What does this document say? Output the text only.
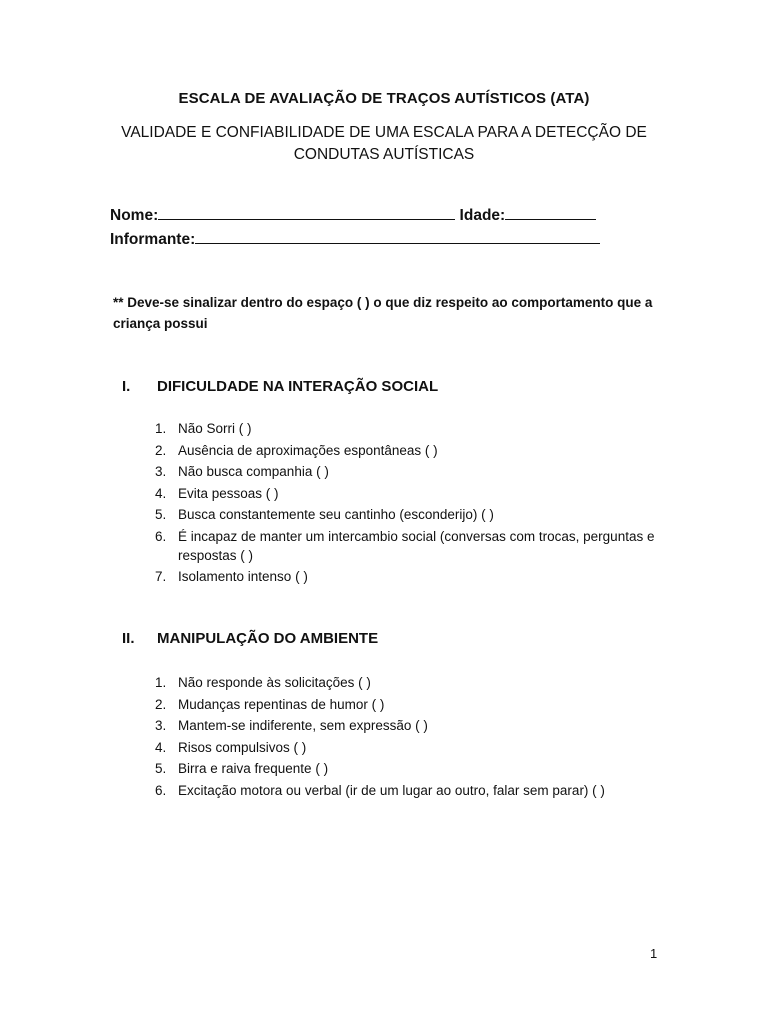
ESCALA DE AVALIAÇÃO DE TRAÇOS AUTÍSTICOS (ATA)
VALIDADE E CONFIABILIDADE DE UMA ESCALA PARA A DETECÇÃO DE CONDUTAS AUTÍSTICAS
Nome:	Idade:
Informante:
** Deve-se sinalizar dentro do espaço ( ) o que diz respeito ao comportamento que a criança possui
I. DIFICULDADE NA INTERAÇÃO SOCIAL
1. Não Sorri ( )
2. Ausência de aproximações espontâneas ( )
3. Não busca companhia ( )
4. Evita pessoas ( )
5. Busca constantemente seu cantinho (esconderijo) ( )
6. É incapaz de manter um intercambio social (conversas com trocas, perguntas e respostas ( )
7. Isolamento intenso ( )
II. MANIPULAÇÃO DO AMBIENTE
1. Não responde às solicitações ( )
2. Mudanças repentinas de humor ( )
3. Mantem-se indiferente, sem expressão ( )
4. Risos compulsivos ( )
5. Birra e raiva frequente ( )
6. Excitação motora ou verbal (ir de um lugar ao outro, falar sem parar) ( )
1
